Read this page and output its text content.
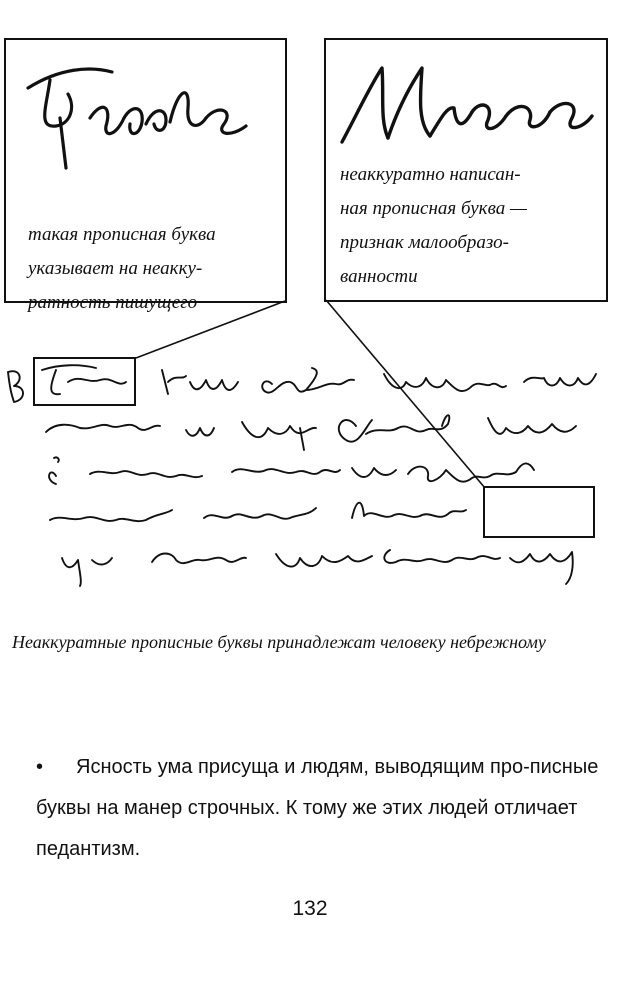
такая прописная буква
указывает на неакку-
ратность пишущего
неаккуратно написан-
ная прописная буква —
признак малообразо-
ванности
Неаккуратные прописные буквы принадлежат человеку небрежному
•	Ясность ума присуща и людям, выводящим про-писные буквы на манер строчных. К тому же этих людей отличает педантизм.

132
